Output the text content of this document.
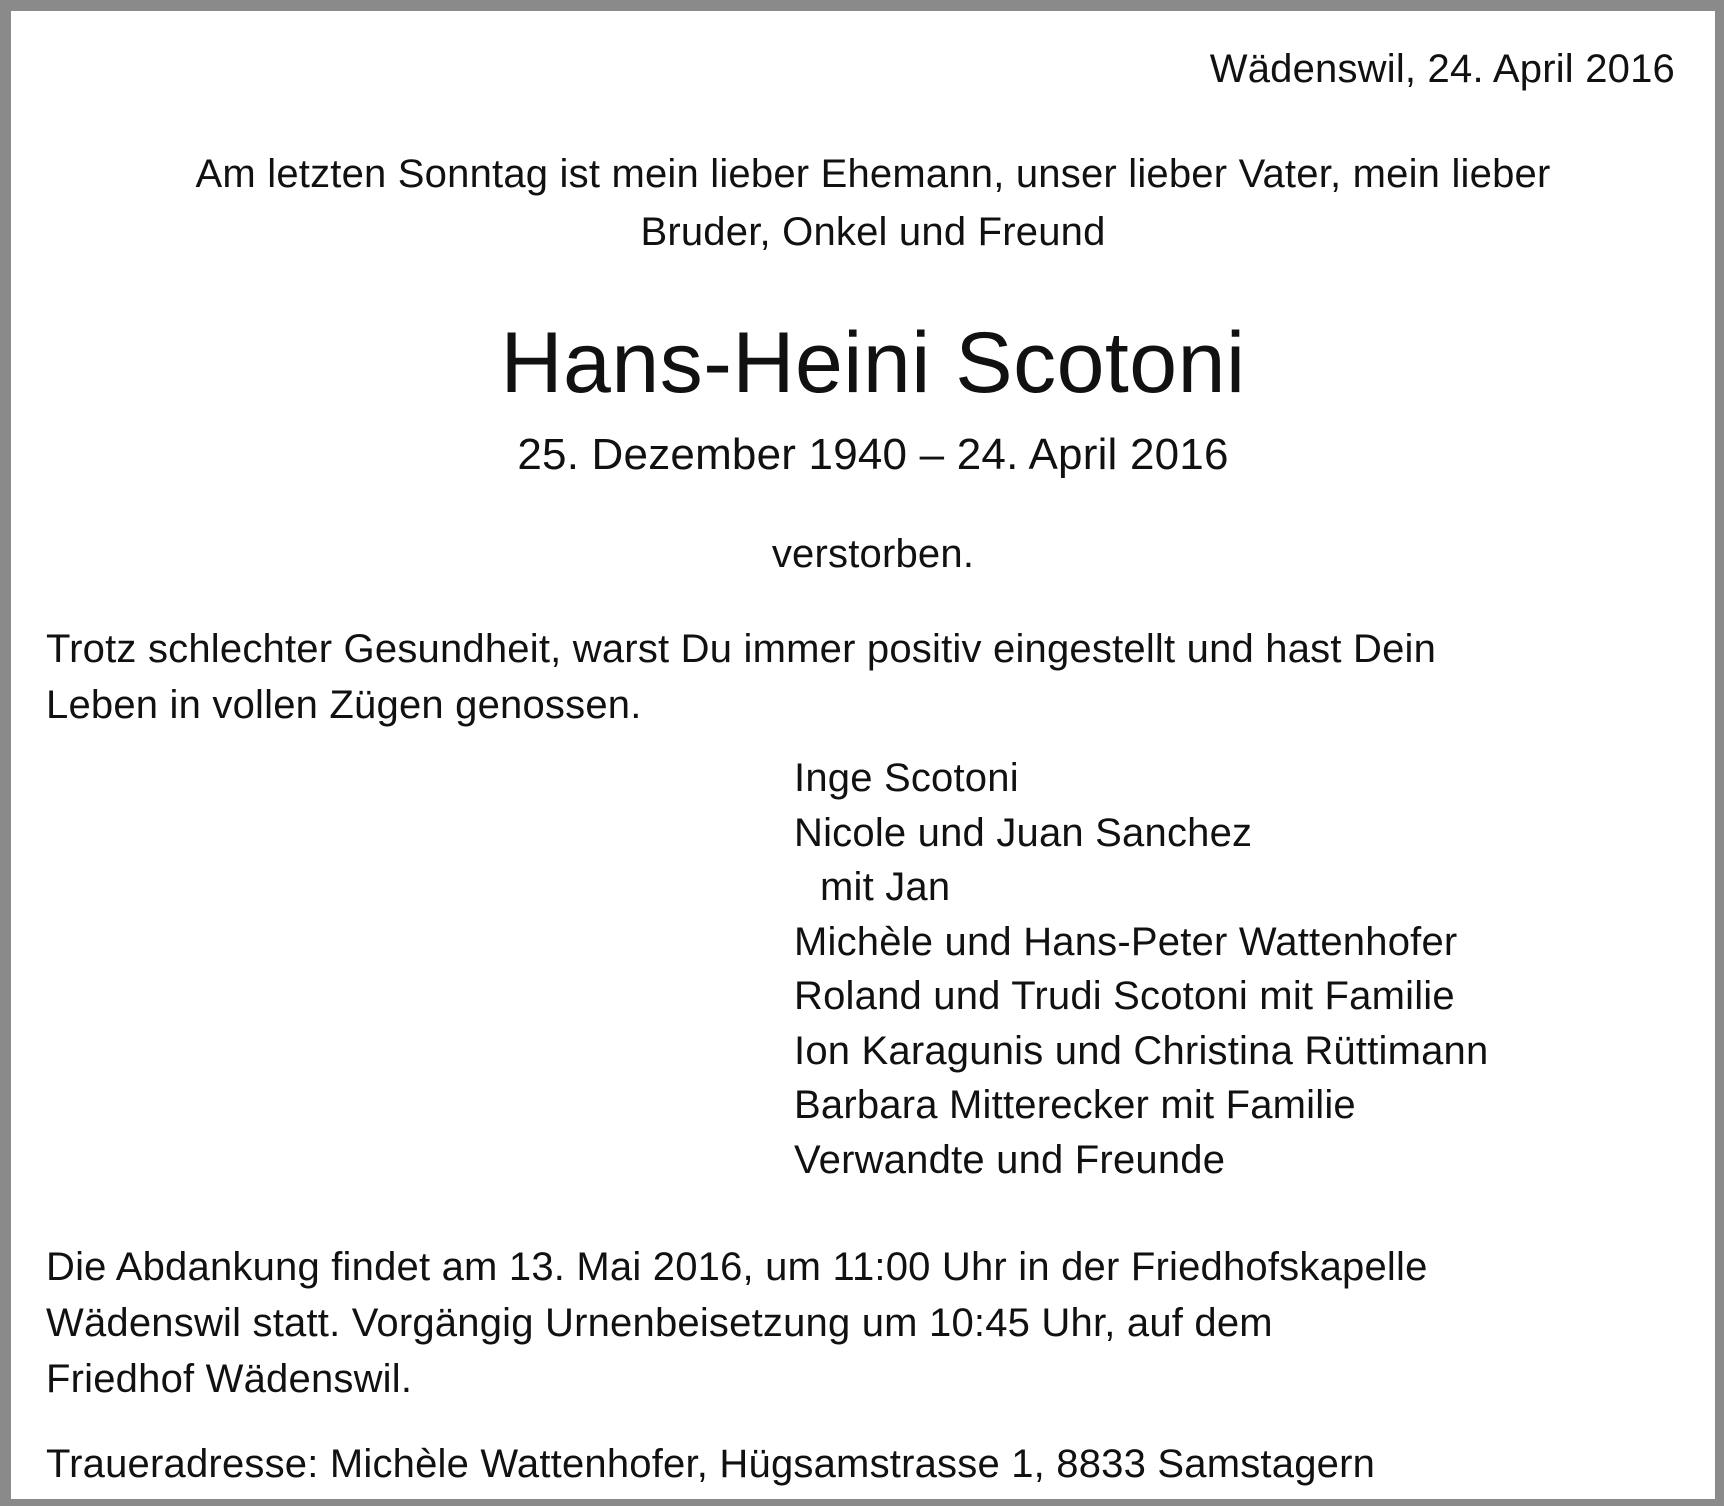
Wädenswil, 24. April 2016

Am letzten Sonntag ist mein lieber Ehemann, unser lieber Vater, mein lieber

Bruder, Onkel und Freund

Hans-Heini Scotoni

25. Dezember 1940 – 24. April 2016

verstorben.

Trotz schlechter Gesundheit, warst Du immer positiv eingestellt und hast Dein

Leben in vollen Zügen genossen.

Inge Scotoni
Nicole und Juan Sanchez
mit Jan
Michèle und Hans-Peter Wattenhofer
Roland und Trudi Scotoni mit Familie
Ion Karagunis und Christina Rüttimann
Barbara Mitterecker mit Familie
Verwandte und Freunde

Die Abdankung findet am 13. Mai 2016, um 11:00 Uhr in der Friedhofskapelle

Wädenswil statt. Vorgängig Urnenbeisetzung um 10:45 Uhr, auf dem

Friedhof Wädenswil.

Traueradresse: Michèle Wattenhofer, Hügsamstrasse 1, 8833 Samstagern
